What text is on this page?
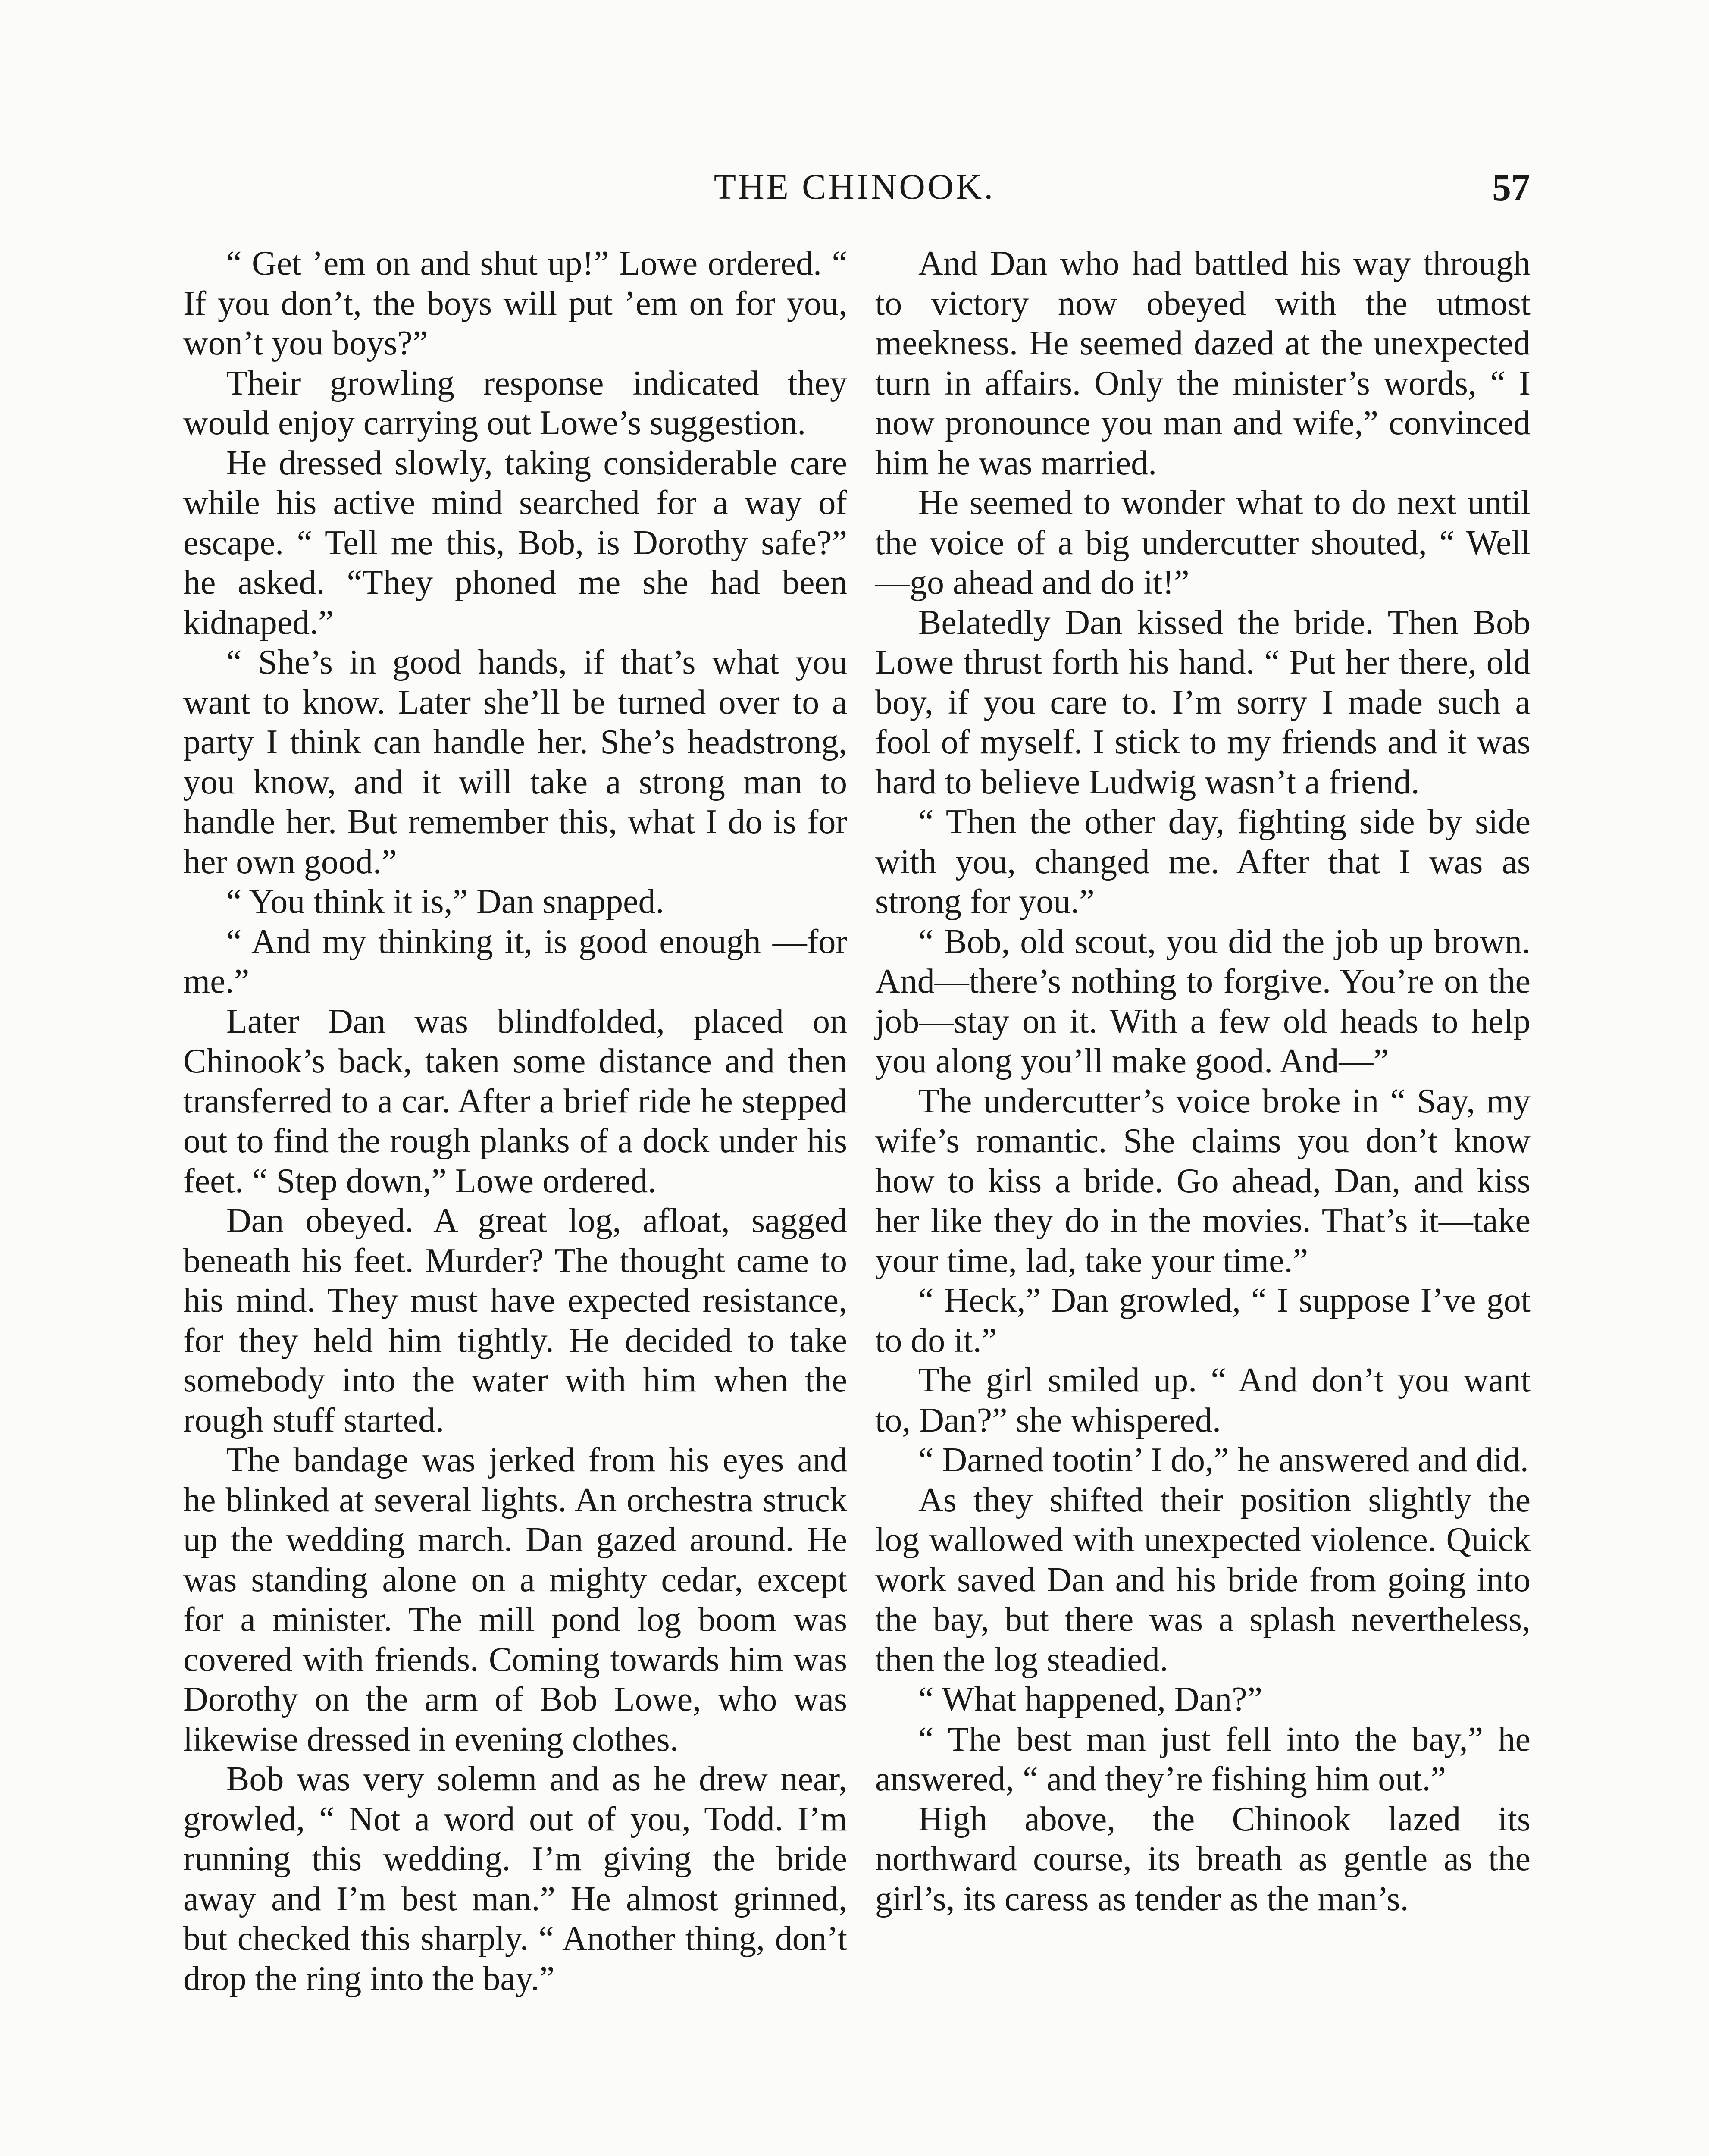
THE CHINOOK.	57

“ Get ’em on and shut up!” Lowe ordered. “ If you don’t, the boys will put ’em on for you, won’t you boys?”

Their growling response indicated they would enjoy carrying out Lowe’s suggestion.

He dressed slowly, taking considerable care while his active mind searched for a way of escape. “ Tell me this, Bob, is Dorothy safe?” he asked. “They phoned me she had been kidnaped.”

“ She’s in good hands, if that’s what you want to know. Later she’ll be turned over to a party I think can handle her. She’s headstrong, you know, and it will take a strong man to handle her. But remember this, what I do is for her own good.”

“ You think it is,” Dan snapped.

“ And my thinking it, is good enough —for me.”

Later Dan was blindfolded, placed on Chinook’s back, taken some distance and then transferred to a car. After a brief ride he stepped out to find the rough planks of a dock under his feet. “ Step down,” Lowe ordered.

Dan obeyed. A great log, afloat, sagged beneath his feet. Murder? The thought came to his mind. They must have expected resistance, for they held him tightly. He decided to take somebody into the water with him when the rough stuff started.

The bandage was jerked from his eyes and he blinked at several lights. An orchestra struck up the wedding march. Dan gazed around. He was standing alone on a mighty cedar, except for a minister. The mill pond log boom was covered with friends. Coming towards him was Dorothy on the arm of Bob Lowe, who was likewise dressed in evening clothes.

Bob was very solemn and as he drew near, growled, “ Not a word out of you, Todd. I’m running this wedding. I’m giving the bride away and I’m best man.” He almost grinned, but checked this sharply. “ Another thing, don’t drop the ring into the bay.”

And Dan who had battled his way through to victory now obeyed with the utmost meekness. He seemed dazed at the unexpected turn in affairs. Only the minister’s words, “ I now pronounce you man and wife,” convinced him he was married.

He seemed to wonder what to do next until the voice of a big undercutter shouted, “ Well—go ahead and do it!”

Belatedly Dan kissed the bride. Then Bob Lowe thrust forth his hand. “ Put her there, old boy, if you care to. I’m sorry I made such a fool of myself. I stick to my friends and it was hard to believe Ludwig wasn’t a friend.

“ Then the other day, fighting side by side with you, changed me. After that I was as strong for you.”

“ Bob, old scout, you did the job up brown. And—there’s nothing to forgive. You’re on the job—stay on it. With a few old heads to help you along you’ll make good. And—”

The undercutter’s voice broke in “ Say, my wife’s romantic. She claims you don’t know how to kiss a bride. Go ahead, Dan, and kiss her like they do in the movies. That’s it—take your time, lad, take your time.”

“ Heck,” Dan growled, “ I suppose I’ve got to do it.”

The girl smiled up. “ And don’t you want to, Dan?” she whispered.

“ Darned tootin’ I do,” he answered and did.

As they shifted their position slightly the log wallowed with unexpected violence. Quick work saved Dan and his bride from going into the bay, but there was a splash nevertheless, then the log steadied.

“ What happened, Dan?”

“ The best man just fell into the bay,” he answered, “ and they’re fishing him out.”

High above, the Chinook lazed its northward course, its breath as gentle as the girl’s, its caress as tender as the man’s.
